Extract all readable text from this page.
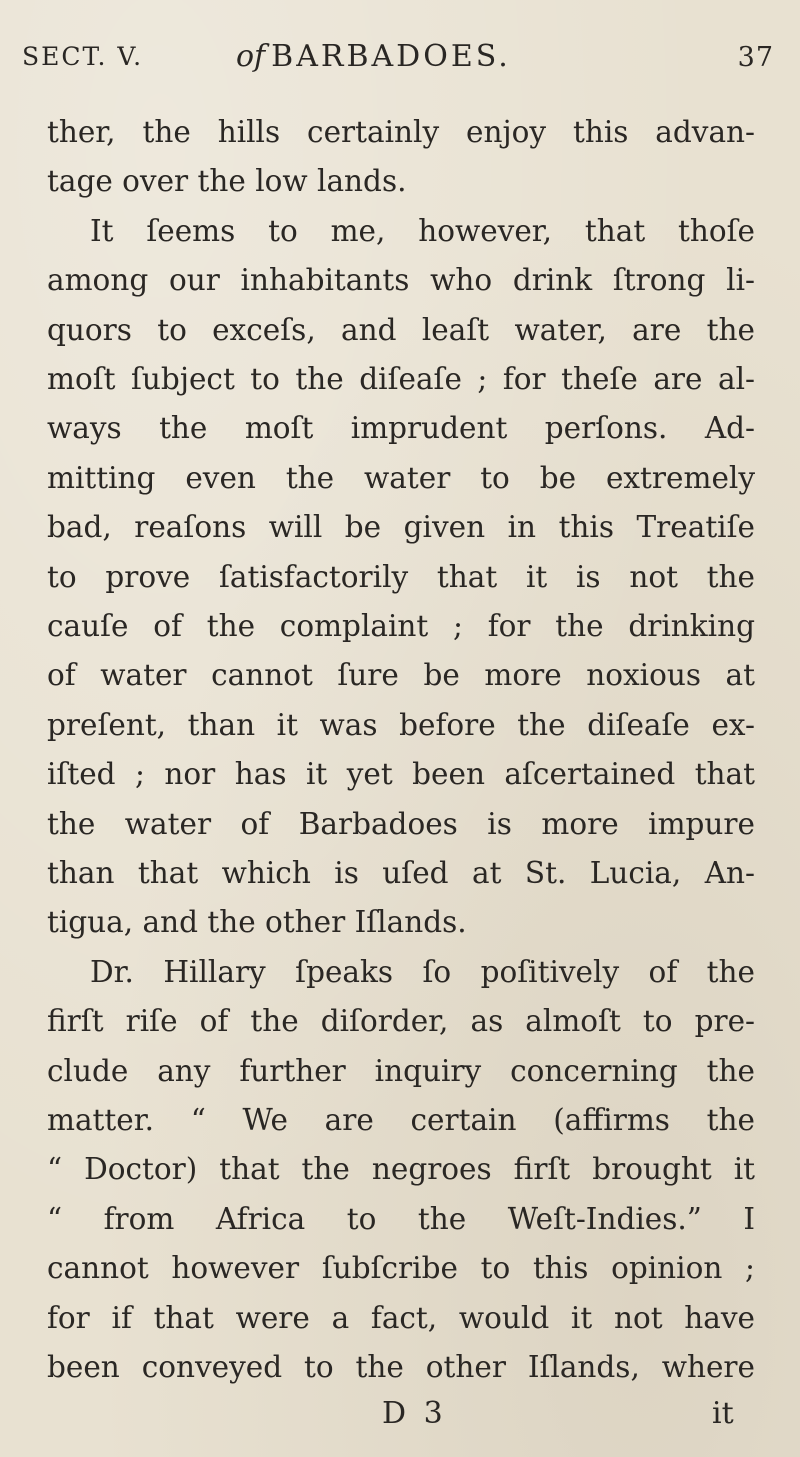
SECT. V.	of BARBADOES.	37
ther, the hills certainly enjoy this advan-
tage over the low lands.
It ſeems to me, however, that thoſe
among our inhabitants who drink ſtrong li-
quors to exceſs, and leaſt water, are the
moſt ſubject to the diſeaſe ; for theſe are al-
ways the moſt imprudent perſons. Ad-
mitting even the water to be extremely
bad, reaſons will be given in this Treatiſe
to prove ſatisfactorily that it is not the
cauſe of the complaint ; for the drinking
of water cannot ſure be more noxious at
preſent, than it was before the diſeaſe ex-
iſted ; nor has it yet been aſcertained that
the water of Barbadoes is more impure
than that which is uſed at St. Lucia, An-
tigua, and the other Iſlands.
Dr. Hillary ſpeaks ſo poſitively of the
firſt riſe of the diſorder, as almoſt to pre-
clude any further inquiry concerning the
matter. “ We are certain (affirms the
“ Doctor) that the negroes firſt brought it
“ from Africa to the Weſt-Indies.” I
cannot however ſubſcribe to this opinion ;
for if that were a fact, would it not have
been conveyed to the other Iſlands, where
D 3	it
